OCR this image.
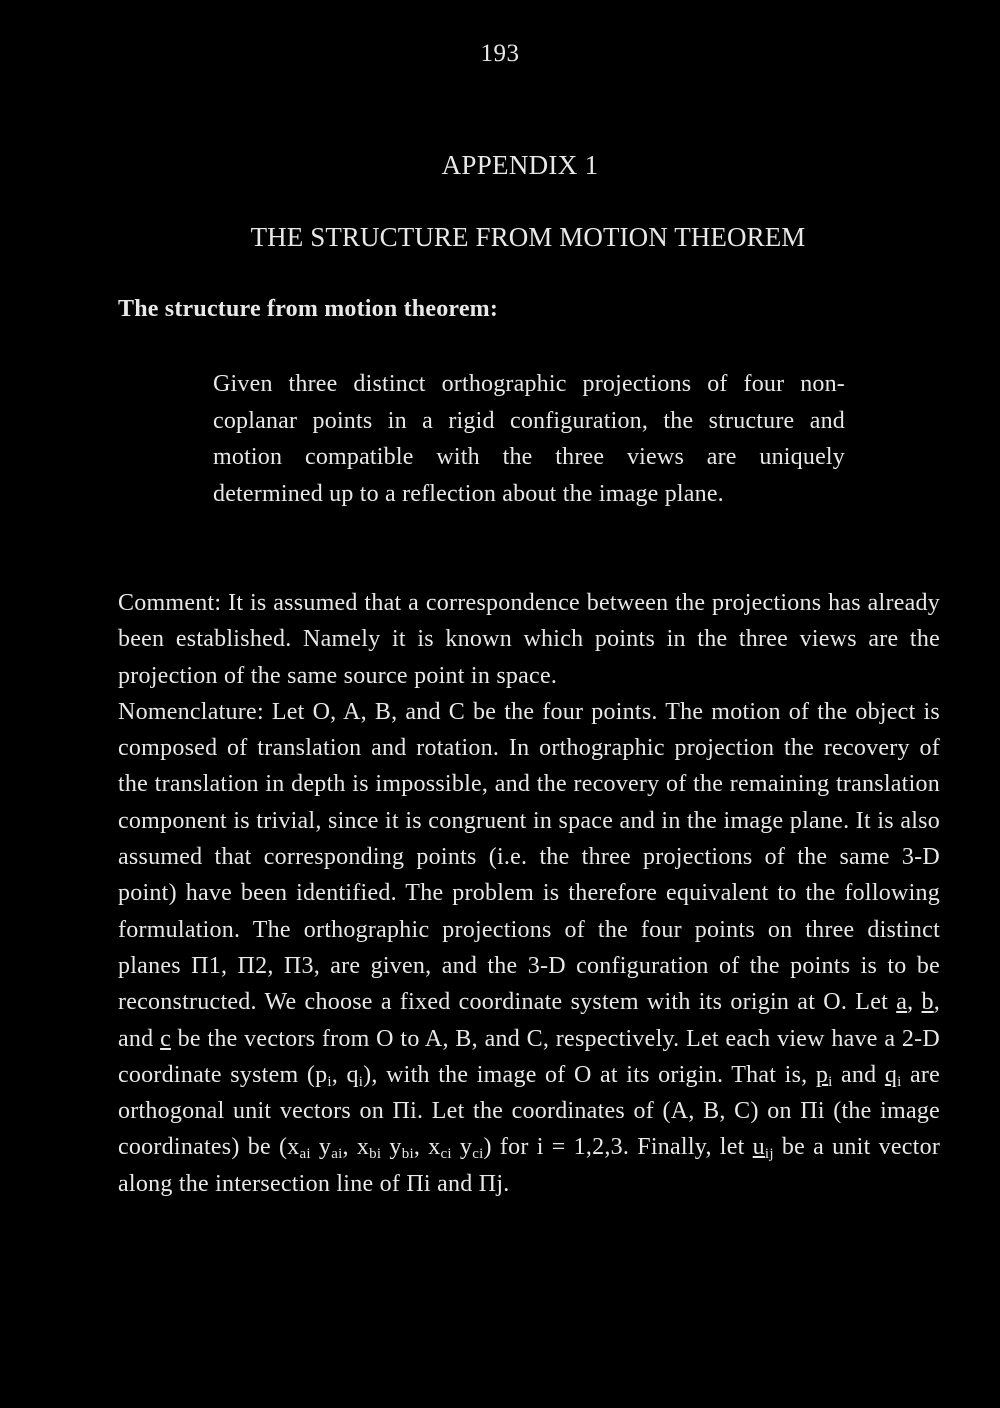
193
APPENDIX 1
THE STRUCTURE FROM MOTION THEOREM
The structure from motion theorem:
Given three distinct orthographic projections of four non-coplanar points in a rigid configuration, the structure and motion compatible with the three views are uniquely determined up to a reflection about the image plane.

Comment: It is assumed that a correspondence between the projections has already been established. Namely it is known which points in the three views are the projection of the same source point in space.

Nomenclature: Let O, A, B, and C be the four points. The motion of the object is composed of translation and rotation. In orthographic projection the recovery of the translation in depth is impossible, and the recovery of the remaining translation component is trivial, since it is congruent in space and in the image plane. It is also assumed that corresponding points (i.e. the three projections of the same 3-D point) have been identified. The problem is therefore equivalent to the following formulation. The orthographic projections of the four points on three distinct planes Π1, Π2, Π3, are given, and the 3-D configuration of the points is to be reconstructed. We choose a fixed coordinate system with its origin at O. Let a, b, and c be the vectors from O to A, B, and C, respectively. Let each view have a 2-D coordinate system ($p_i$, $q_i$), with the image of O at its origin. That is, $p_i$ and $q_i$ are orthogonal unit vectors on Πi. Let the coordinates of (A, B, C) on Πi (the image coordinates) be ($x_{ai}$ $y_{ai}$, $x_{bi}$ $y_{bi}$, $x_{ci}$ $y_{ci}$) for i = 1,2,3. Finally, let $u_{ij}$ be a unit vector along the intersection line of Πi and Πj.
